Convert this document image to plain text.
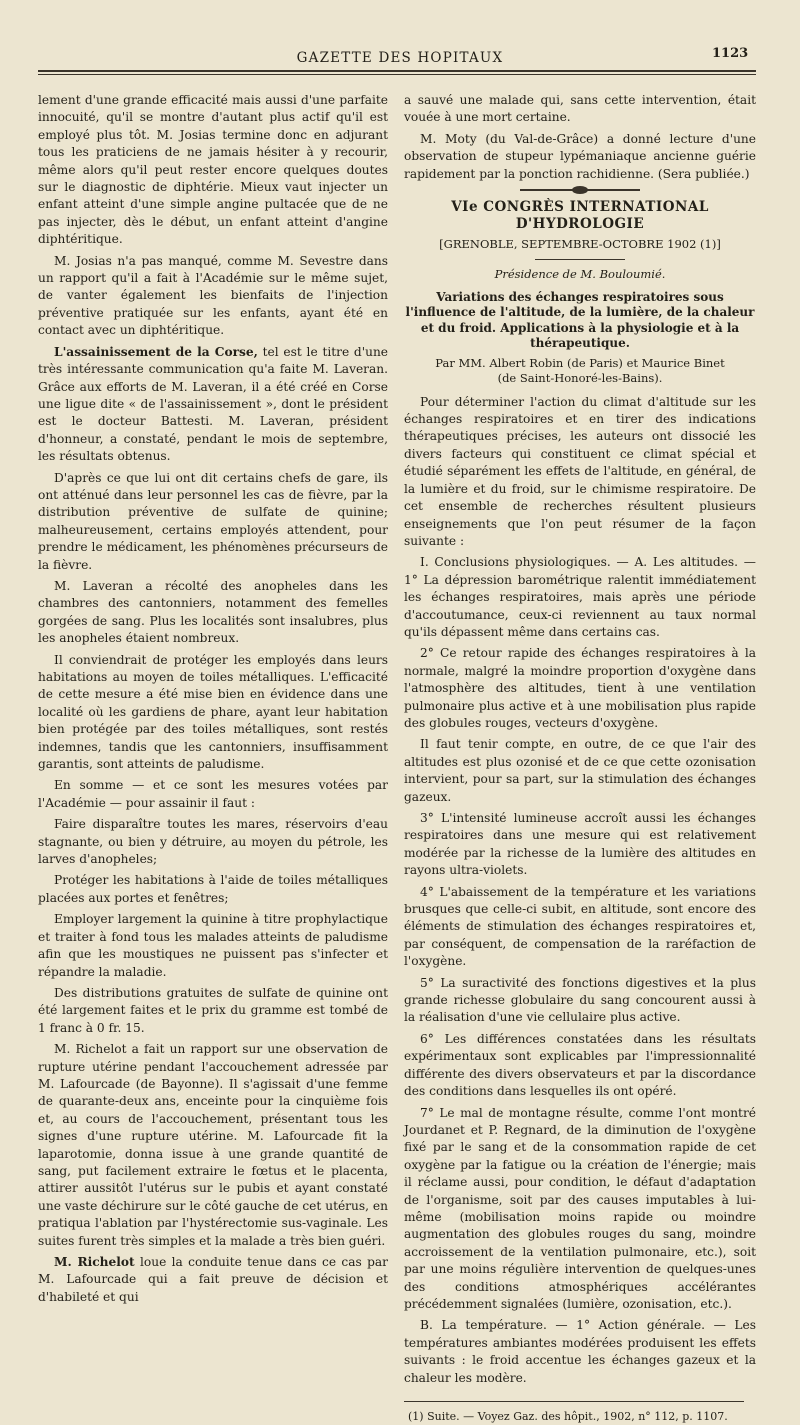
GAZETTE DES HOPITAUX	1123

lement d'une grande efficacité mais aussi d'une parfaite innocuité, qu'il se montre d'autant plus actif qu'il est employé plus tôt. M. Josias termine donc en adjurant tous les praticiens de ne jamais hésiter à y recourir, même alors qu'il peut rester encore quelques doutes sur le diagnostic de diphtérie. Mieux vaut injecter un enfant atteint d'une simple angine pultacée que de ne pas injecter, dès le début, un enfant atteint d'angine diphtéritique.

M. Josias n'a pas manqué, comme M. Sevestre dans un rapport qu'il a fait à l'Académie sur le même sujet, de vanter également les bienfaits de l'injection préventive pratiquée sur les enfants, ayant été en contact avec un diphtéritique.

L'assainissement de la Corse, tel est le titre d'une très intéressante communication qu'a faite M. Laveran. Grâce aux efforts de M. Laveran, il a été créé en Corse une ligue dite « de l'assainissement », dont le président est le docteur Battesti. M. Laveran, président d'honneur, a constaté, pendant le mois de septembre, les résultats obtenus.

D'après ce que lui ont dit certains chefs de gare, ils ont atténué dans leur personnel les cas de fièvre, par la distribution préventive de sulfate de quinine; malheureusement, certains employés attendent, pour prendre le médicament, les phénomènes précurseurs de la fièvre.

M. Laveran a récolté des anopheles dans les chambres des cantonniers, notamment des femelles gorgées de sang. Plus les localités sont insalubres, plus les anopheles étaient nombreux.

Il conviendrait de protéger les employés dans leurs habitations au moyen de toiles métalliques. L'efficacité de cette mesure a été mise bien en évidence dans une localité où les gardiens de phare, ayant leur habitation bien protégée par des toiles métalliques, sont restés indemnes, tandis que les cantonniers, insuffisamment garantis, sont atteints de paludisme.

En somme — et ce sont les mesures votées par l'Académie — pour assainir il faut :

Faire disparaître toutes les mares, réservoirs d'eau stagnante, ou bien y détruire, au moyen du pétrole, les larves d'anopheles;

Protéger les habitations à l'aide de toiles métalliques placées aux portes et fenêtres;

Employer largement la quinine à titre prophylactique et traiter à fond tous les malades atteints de paludisme afin que les moustiques ne puissent pas s'infecter et répandre la maladie.

Des distributions gratuites de sulfate de quinine ont été largement faites et le prix du gramme est tombé de 1 franc à 0 fr. 15.

M. Richelot a fait un rapport sur une observation de rupture utérine pendant l'accouchement adressée par M. Lafourcade (de Bayonne). Il s'agissait d'une femme de quarante-deux ans, enceinte pour la cinquième fois et, au cours de l'accouchement, présentant tous les signes d'une rupture utérine. M. Lafourcade fit la laparotomie, donna issue à une grande quantité de sang, put facilement extraire le fœtus et le placenta, attirer aussitôt l'utérus sur le pubis et ayant constaté une vaste déchirure sur le côté gauche de cet utérus, en pratiqua l'ablation par l'hystérectomie sus-vaginale. Les suites furent très simples et la malade a très bien guéri.

M. Richelot loue la conduite tenue dans ce cas par M. Lafourcade qui a fait preuve de décision et d'habileté et qui

a sauvé une malade qui, sans cette intervention, était vouée à une mort certaine.

M. Moty (du Val-de-Grâce) a donné lecture d'une observation de stupeur lypémaniaque ancienne guérie rapidement par la ponction rachidienne. (Sera publiée.)

VIe CONGRÈS INTERNATIONAL D'HYDROLOGIE
[GRENOBLE, SEPTEMBRE-OCTOBRE 1902 (1)]
Présidence de M. Bouloumié.
Variations des échanges respiratoires sous l'influence de l'altitude, de la lumière, de la chaleur et du froid. Applications à la physiologie et à la thérapeutique.
Par MM. Albert Robin (de Paris) et Maurice Binet
(de Saint-Honoré-les-Bains).

Pour déterminer l'action du climat d'altitude sur les échanges respiratoires et en tirer des indications thérapeutiques précises, les auteurs ont dissocié les divers facteurs qui constituent ce climat spécial et étudié séparément les effets de l'altitude, en général, de la lumière et du froid, sur le chimisme respiratoire. De cet ensemble de recherches résultent plusieurs enseignements que l'on peut résumer de la façon suivante :

I. Conclusions physiologiques. — A. Les altitudes. — 1° La dépression barométrique ralentit immédiatement les échanges respiratoires, mais après une période d'accoutumance, ceux-ci reviennent au taux normal qu'ils dépassent même dans certains cas.

2° Ce retour rapide des échanges respiratoires à la normale, malgré la moindre proportion d'oxygène dans l'atmosphère des altitudes, tient à une ventilation pulmonaire plus active et à une mobilisation plus rapide des globules rouges, vecteurs d'oxygène.

Il faut tenir compte, en outre, de ce que l'air des altitudes est plus ozonisé et de ce que cette ozonisation intervient, pour sa part, sur la stimulation des échanges gazeux.

3° L'intensité lumineuse accroît aussi les échanges respiratoires dans une mesure qui est relativement modérée par la richesse de la lumière des altitudes en rayons ultra-violets.

4° L'abaissement de la température et les variations brusques que celle-ci subit, en altitude, sont encore des éléments de stimulation des échanges respiratoires et, par conséquent, de compensation de la raréfaction de l'oxygène.

5° La suractivité des fonctions digestives et la plus grande richesse globulaire du sang concourent aussi à la réalisation d'une vie cellulaire plus active.

6° Les différences constatées dans les résultats expérimentaux sont explicables par l'impressionnalité différente des divers observateurs et par la discordance des conditions dans lesquelles ils ont opéré.

7° Le mal de montagne résulte, comme l'ont montré Jourdanet et P. Regnard, de la diminution de l'oxygène fixé par le sang et de la consommation rapide de cet oxygène par la fatigue ou la création de l'énergie; mais il réclame aussi, pour condition, le défaut d'adaptation de l'organisme, soit par des causes imputables à lui-même (mobilisation moins rapide ou moindre augmentation des globules rouges du sang, moindre accroissement de la ventilation pulmonaire, etc.), soit par une moins régulière intervention de quelques-unes des conditions atmosphériques accélérantes précédemment signalées (lumière, ozonisation, etc.).

B. La température. — 1° Action générale. — Les températures ambiantes modérées produisent les effets suivants : le froid accentue les échanges gazeux et la chaleur les modère.

(1) Suite. — Voyez Gaz. des hôpit., 1902, n° 112, p. 1107.
